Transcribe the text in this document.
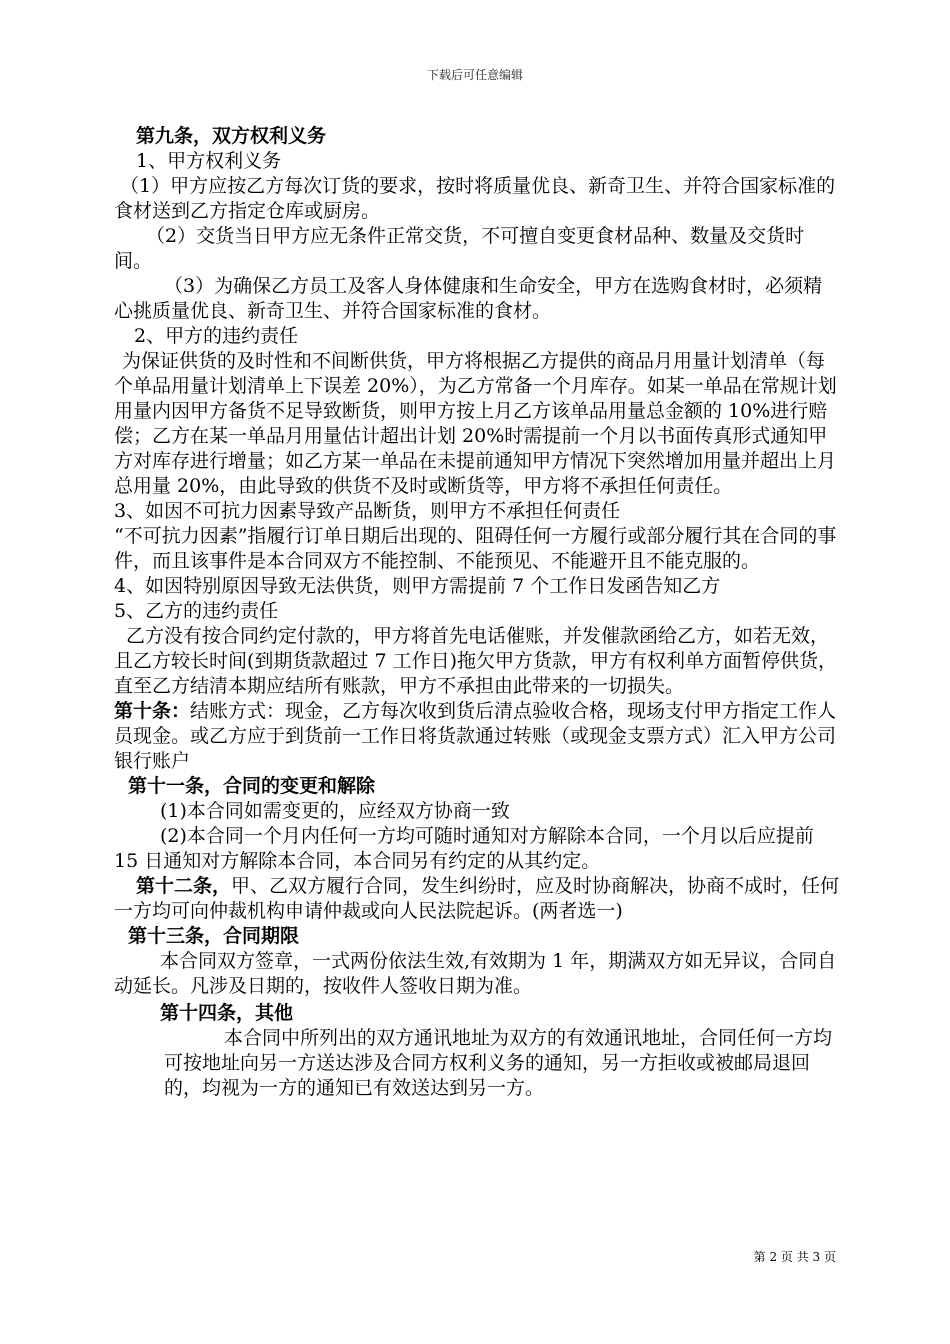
下载后可任意编辑

第九条，双方权利义务

1、甲方权利义务

（1）甲方应按乙方每次订货的要求，按时将质量优良、新奇卫生、并符合国家标准的食材送到乙方指定仓库或厨房。

（2）交货当日甲方应无条件正常交货，不可擅自变更食材品种、数量及交货时间。

（3）为确保乙方员工及客人身体健康和生命安全，甲方在选购食材时，必须精心挑质量优良、新奇卫生、并符合国家标准的食材。

2、甲方的违约责任

为保证供货的及时性和不间断供货，甲方将根据乙方提供的商品月用量计划清单（每个单品用量计划清单上下误差 20%），为乙方常备一个月库存。如某一单品在常规计划用量内因甲方备货不足导致断货，则甲方按上月乙方该单品用量总金额的 10%进行赔偿；乙方在某一单品月用量估计超出计划 20%时需提前一个月以书面传真形式通知甲方对库存进行增量；如乙方某一单品在未提前通知甲方情况下突然增加用量并超出上月总用量 20%，由此导致的供货不及时或断货等，甲方将不承担任何责任。

3、如因不可抗力因素导致产品断货，则甲方不承担任何责任

“不可抗力因素”指履行订单日期后出现的、阻碍任何一方履行或部分履行其在合同的事件，而且该事件是本合同双方不能控制、不能预见、不能避开且不能克服的。

4、如因特别原因导致无法供货，则甲方需提前 7 个工作日发函告知乙方

5、乙方的违约责任

乙方没有按合同约定付款的，甲方将首先电话催账，并发催款函给乙方，如若无效，且乙方较长时间(到期货款超过 7 工作日)拖欠甲方货款，甲方有权利单方面暂停供货，直至乙方结清本期应结所有账款，甲方不承担由此带来的一切损失。

第十条：结账方式：现金，乙方每次收到货后清点验收合格，现场支付甲方指定工作人员现金。或乙方应于到货前一工作日将货款通过转账（或现金支票方式）汇入甲方公司银行账户

第十一条，合同的变更和解除

(1)本合同如需变更的，应经双方协商一致

(2)本合同一个月内任何一方均可随时通知对方解除本合同，一个月以后应提前 15 日通知对方解除本合同，本合同另有约定的从其约定。

第十二条，甲、乙双方履行合同，发生纠纷时，应及时协商解决，协商不成时，任何一方均可向仲裁机构申请仲裁或向人民法院起诉。(两者选一)

第十三条，合同期限

本合同双方签章，一式两份依法生效,有效期为 1 年，期满双方如无异议，合同自动延长。凡涉及日期的，按收件人签收日期为准。

第十四条，其他

本合同中所列出的双方通讯地址为双方的有效通讯地址，合同任何一方均可按地址向另一方送达涉及合同方权利义务的通知，另一方拒收或被邮局退回的，均视为一方的通知已有效送达到另一方。

第 2 页 共 3 页
